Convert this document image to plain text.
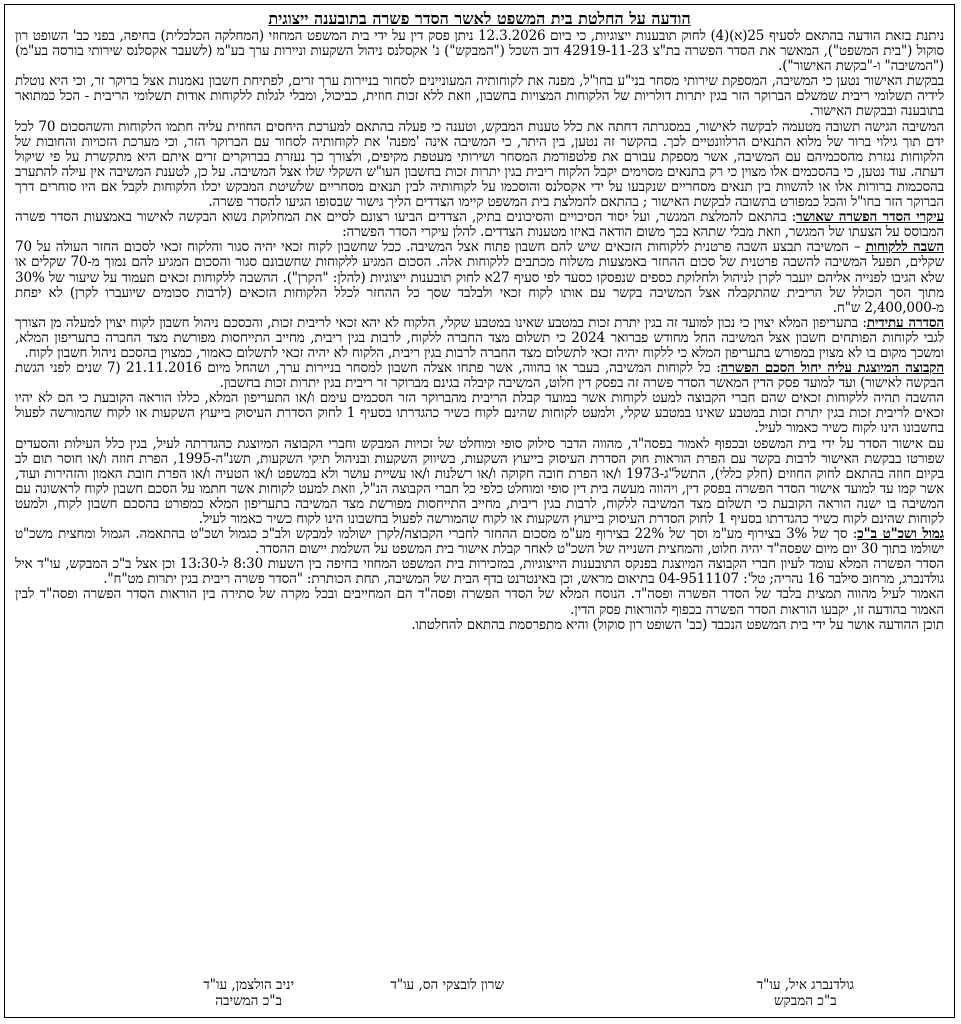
הודעה על החלטת בית המשפט לאשר הסדר פשרה בתובענה ייצוגית

ניתנת בזאת הודעה בהתאם לסעיף 25(א)(4) לחוק תובענות ייצוגיות, כי ביום 12.3.2026 ניתן פסק דין על ידי בית המשפט המחוזי (המחלקה הכלכלית) בחיפה, בפני כב' השופט רון סוקול ("בית המשפט"), המאשר את הסדר הפשרה בת"צ 42919-11-23 דוב השכל ("המבקש") נ' אקסלנס ניהול השקעות וניירות ערך בע"מ (לשעבר אקסלנס שירותי בורסה בע"מ) ("המשיבה" ו-"בקשת האישור").

בבקשת האישור נטען כי המשיבה, המספקת שירותי מסחר בני"ע בחו"ל, מפנה את לקוחותיה המעוניינים לסחור בניירות ערך זרים, לפתיחת חשבון נאמנות אצל ברוקר זר, וכי היא נוטלת לידיה תשלומי ריבית שמשלם הברוקר הזר בגין יתרות דולריות של הלקוחות המצויות בחשבון, וזאת ללא זכות חוזית, כביכול, ומבלי לגלות ללקוחות אודות תשלומי הריבית - הכל כמתואר בתובענה ובבקשת האישור.

המשיבה הגישה תשובה מטעמה לבקשה לאישור, במסגרתה דחתה את כלל טענות המבקש, וטענה כי פעלה בהתאם למערכת היחסים החוזית עליה חתמו הלקוחות והשהסכום 70 לכל ידם תוך גילוי ברור של מלוא התנאים הרלוונטיים לכך. בהקשר זה נטען, בין היתר, כי המשיבה אינה 'מפנה' את לקוחותיה לסחור עם הברוקר הזר, וכי מערכת הזכויות והחובות של הלקוחות נגזרת מהסכמיהם עם המשיבה, אשר מספקת עבורם את פלטפורמת המסחר ושירותי מעטפת מקיפים, ולצורך כך נעזרת בברוקרים זרים איתם היא מתקשרת על פי שיקול דעתה. עוד נטען, כי בהסכמים אלו מצוין כי רק בתנאים מסוימים יקבל הלקוח ריבית בגין יתרות זכות בחשבון העו"ש השקלי שלו אצל המשיבה. על כן, לטענת המשיבה אין עילה להתערב בהסכמות ברורות אלו או להשוות בין תנאים מסחריים שנקבעו על ידי אקסלנס והוסכמו על לקוחותיה לבין תנאים מסחריים שלשיטת המבקש יכלו הלקוחות לקבל אם היו סוחרים דרך הברוקר הזר בחו"ל והכל כמפורט בתשובה לבקשת האישור ; בהתאם להמלצת בית המשפט קיימו הצדדים הליך גישור שבסופו הגיעו להסדר פשרה.

עיקרי הסדר הפשרה שאושר: בהתאם להמלצת המגשר, ועל יסוד הסיכויים והסיכונים בתיק, הצדדים הביעו רצונם לסיים את המחלוקת נשוא הבקשה לאישור באמצעות הסדר פשרה המבוסס על הצעתו של המגשר, וזאת מבלי שתהא בכך משום הודאה באיזו מטענות הצדדים. להלן עיקרי הסדר הפשרה:

השבה ללקוחות – המשיבה תבצע השבה פרטנית ללקוחות הזכאים שיש להם חשבון פתוח אצל המשיבה. ככל שחשבון לקוח זכאי יהיה סגור והלקוח זכאי לסכום החזר העולה על 70 שקלים, תפעל המשיבה להשבה פרטנית של סכום ההחזר באמצעות משלוח מכתבים ללקוחות אלה. הסכום המגיע ללקוחות שחשבונם סגור והסכום המגיע להם נמוך מ-70 שקלים או שלא הגיבו לפנייה אליהם יועבר לקרן לניהול ולחלוקת כספים שנפסקו כסעד לפי סעיף 27א לחוק תובענות ייצוגיות (להלן: "הקרן"). ההשבה ללקוחות זכאים תעמוד על שיעור של 30% מתוך הסך הכולל של הריבית שהתקבלה אצל המשיבה בקשר עם אותו לקוח זכאי ולבלבד שסך כל ההחזר לכלל הלקוחות הזכאים (לרבות סכומים שיועברו לקרן) לא יפחת מ-2,400,000 ש"ח.

הסדרה עתידית: בתעריפון המלא יצוין כי נכון למועד זה בגין יתרת זכות במטבע שאינו במטבע שקלי, הלקוח לא יהא זכאי לריבית זכות, והכסכם ניהול חשבון לקוח יצוין למעלה מן הצורך לגבי לקוחות הפותחים חשבון אצל המשיבה החל מחודש פברואר 2024 כי תשלום מצד החברה ללקוח, לרבות בגין ריבית, מחייב התייחסות מפורשת מצד החברה בתעריפון המלא, ומשכך מקום בו לא מצוין במפורש בתעריפון המלא כי ללקוח יהיה זכאי לתשלום מצד החברה לרבות בגין ריבית, הלקוח לא יהיה זכאי לתשלום כאמור, כמצוין בהסכם ניהול חשבון לקוח.

הקבוצה המיוצגת עליה יחול הסכם הפשרה: כל לקוחות המשיבה, בעבר או בהווה, אשר פתחו אצלה חשבון למסחר בניירות ערך, ושהחל מיום 21.11.2016 (7 שנים לפני הגשת הבקשה לאישור) ועד למועד פסק הדין המאשר הסדר פשרה זה בפסק דין חלוט, המשיבה קיבלה בגינם מברוקר זר ריבית בגין יתרות זכות בחשבון.

ההשבה תהיה ללקוחות זכאים שהם חברי הקבוצה למעט לקוחות אשר במועד קבלת הריבית מהברוקר הזר הסכמים עימם ו/או התעריפון המלא, כללו הוראה הקובעת כי הם לא יהיו זכאים לריבית זכות בגין יתרת זכות במטבע שאינו במטבע שקלי, ולמעט לקוחות שהינם לקוח כשיר כהגדרתו בסעיף 1 לחוק הסדרת העיסוק בייעוץ השקעות או לקוח שהמורשה לפעול בחשבונו הינו לקוח כשיר כאמור לעיל.

עם אישור הסדר על ידי בית המשפט ובכפוף לאמור בפסה"ד, מהווה הדבר סילוק סופי ומוחלט של זכויות המבקש וחברי הקבוצה המיוצגת כהגדרתה לעיל, בגין כלל העילות והסעדים שפורטו בבקשת האישור לרבות בקשר עם הפרת הוראות חוק הסדרת העיסוק בייעוץ השקעות, בשיווק השקעות ובניהול תיקי השקעות, תשנ"ה-1995, הפרת חוזה ו/או חוסר תום לב בקיום חוזה בהתאם לחוק החוזים (חלק כללי), התשל"ג-1973 ו/או הפרת חובה חקוקה ו/או רשלנות ו/או עשיית עושר ולא במשפט ו/או הטעיה ו/או הפרת חובת האמון והזהירות ועוד, אשר קמו עד למועד אישור הסדר הפשרה בפסק דין, ויהווה מעשה בית דין סופי ומוחלט כלפי כל חברי הקבוצה הנ"ל, וזאת למעט לקוחות אשר חתמו על הסכם חשבון לקוח לראשונה עם המשיבה בו ישנה הוראה הקובעת כי תשלום מצד המשיבה ללקוח, לרבות בגין ריבית, מחייב התייחסות מפורשת מצד המשיבה בתעריפון המלא כמפורט בהסכם חשבון לקוח, ולמעט לקוחות שהינם לקוח כשיר כהגדרתו בסעיף 1 לחוק הסדרת העיסוק בייעוץ השקעות או לקוח שהמורשה לפעול בחשבונו הינו לקוח כשיר כאמור לעיל.

גמול ושכ"ט ב"כ: סך של 3% בצירוף מע"מ וסך של 22% בצירוף מע"מ מסכום ההחזר לחברי הקבוצה/לקרן ישולמו למבקש ולב"כ כגמול ושכ"ט בהתאמה. הגמול ומחצית משכ"ט ישולמו בתוך 30 יום מיום שפסה"ד יהיה חלוט, והמחצית השנייה של השכ"ט לאחר קבלת אישור בית המשפט על השלמת יישום ההסדר.

הסדר הפשרה המלא עומד לעיון חברי הקבוצה המיוצגת בפנקס התובענות הייצוגיות, במזכירות בית המשפט המחוזי בחיפה בין השעות 8:30 ל-13:30 וכן אצל ב"כ המבקש, עו"ד איל גולדנברג, מרחוב סילבר 16 נהריה; טל': 04-9511107 בתיאום מראש, וכן באינטרנט בדף הבית של המשיבה, תחת הכותרת: "הסדר פשרה ריבית בגין יתרות מט"ח".

האמור לעיל מהווה תמצית בלבד של הסדר הפשרה ופסה"ד. הנוסח המלא של הסדר הפשרה ופסה"ד הם המחייבים ובכל מקרה של סתירה בין הוראות הסדר הפשרה ופסה"ד לבין האמור בהודעה זו, יקבעו הוראות הסדר הפשרה בכפוף להוראות פסק הדין.

תוכן ההודעה אושר על ידי בית המשפט הנכבד (כב' השופט רון סוקול) והיא מתפרסמת בהתאם להחלטתו.

גולדנברג איל, עו"ד
ב"כ המבקש
שרון לובצקי הס, עו"ד
יניב הולצמן, עו"ד
ב"כ המשיבה
